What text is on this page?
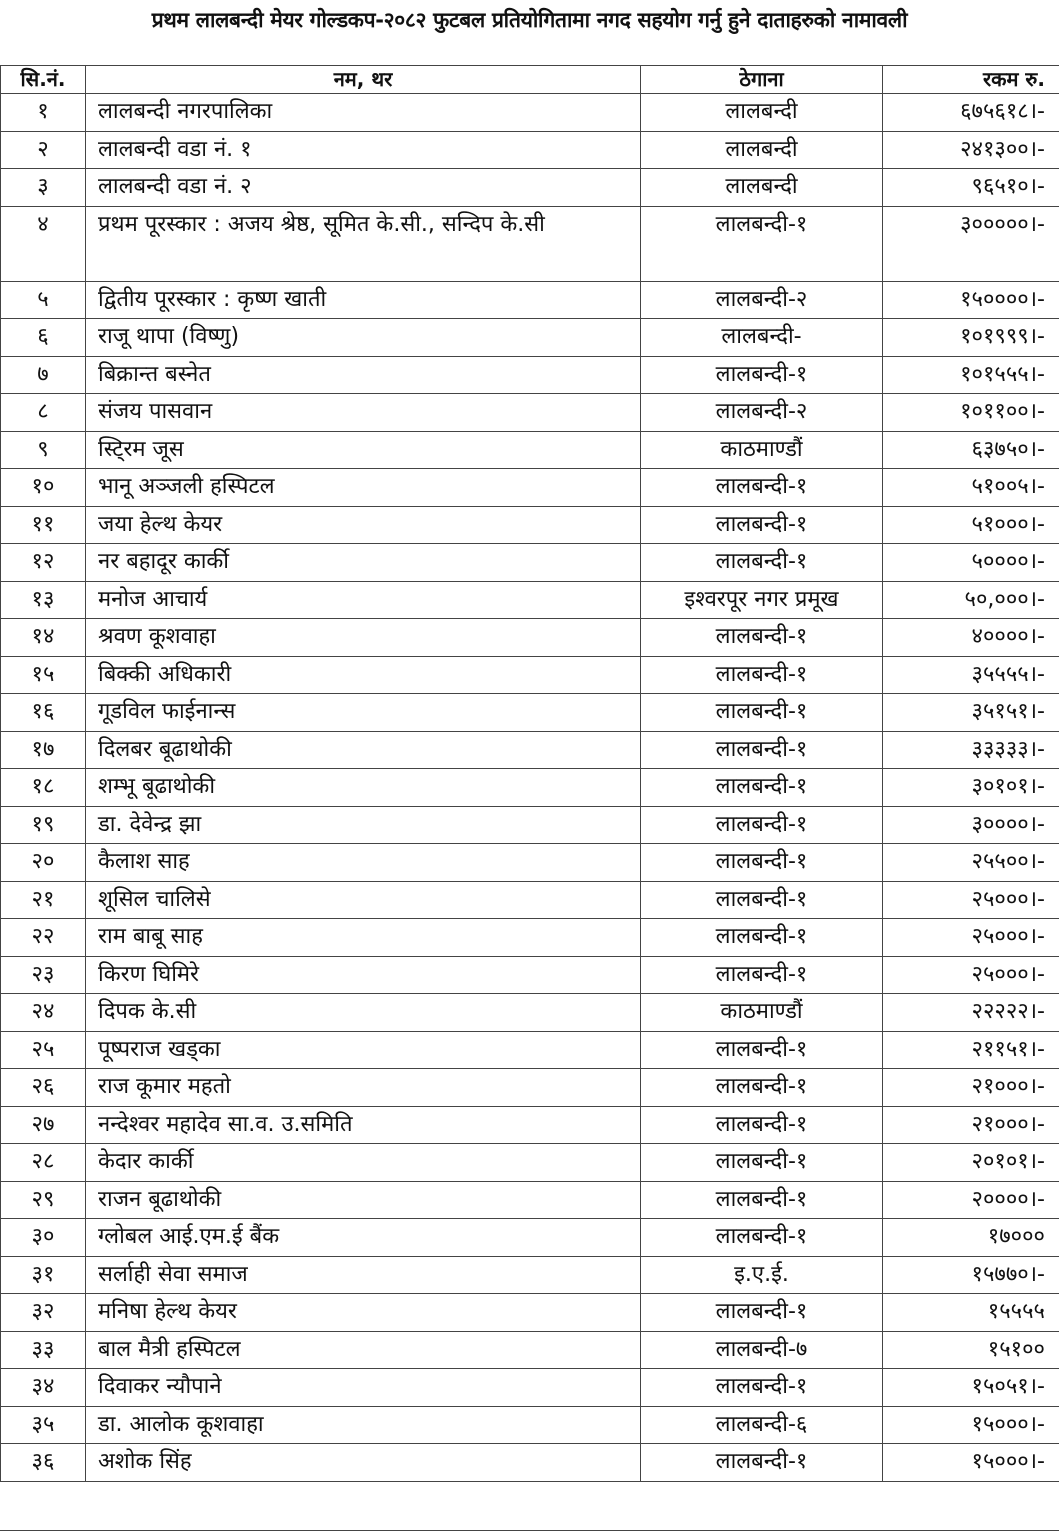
प्रथम लालबन्दी मेयर गोल्डकप-२०८२ फुटबल प्रतियोगितामा नगद सहयोग गर्नु हुने दाताहरुको नामावली
सि.नं.	नम, थर	ठेगाना	रकम रु.
१	लालबन्दी नगरपालिका	लालबन्दी	६७५६१८।-
२	लालबन्दी वडा नं. १	लालबन्दी	२४१३००।-
३	लालबन्दी वडा नं. २	लालबन्दी	९६५१०।-
४	प्रथम पूरस्कार : अजय श्रेष्ठ, सूमित के.सी., सन्दिप के.सी	लालबन्दी-१	३०००००।-
५	द्वितीय पूरस्कार : कृष्ण खाती	लालबन्दी-२	१५००००।-
६	राजू थापा (विष्णु)	लालबन्दी-	१०१९९९।-
७	बिक्रान्त बस्नेत	लालबन्दी-१	१०१५५५।-
८	संजय पासवान	लालबन्दी-२	१०११००।-
९	स्टि्रम जूस	काठमाण्डौं	६३७५०।-
१०	भानू अञ्जली हस्पिटल	लालबन्दी-१	५१००५।-
११	जया हेल्थ केयर	लालबन्दी-१	५१०००।-
१२	नर बहादूर कार्की	लालबन्दी-१	५००००।-
१३	मनोज आचार्य	इश्वरपूर नगर प्रमूख	५०,०००।-
१४	श्रवण कूशवाहा	लालबन्दी-१	४००००।-
१५	बिक्की अधिकारी	लालबन्दी-१	३५५५५।-
१६	गूडविल फाईनान्स	लालबन्दी-१	३५१५१।-
१७	दिलबर बूढाथोकी	लालबन्दी-१	३३३३३।-
१८	शम्भू बूढाथोकी	लालबन्दी-१	३०१०१।-
१९	डा. देवेन्द्र झा	लालबन्दी-१	३००००।-
२०	कैलाश साह	लालबन्दी-१	२५५००।-
२१	शूसिल चालिसे	लालबन्दी-१	२५०००।-
२२	राम बाबू साह	लालबन्दी-१	२५०००।-
२३	किरण घिमिरे	लालबन्दी-१	२५०००।-
२४	दिपक के.सी	काठमाण्डौं	२२२२२।-
२५	पूष्पराज खड्का	लालबन्दी-१	२११५१।-
२६	राज कूमार महतो	लालबन्दी-१	२१०००।-
२७	नन्देश्वर महादेव सा.व. उ.समिति	लालबन्दी-१	२१०००।-
२८	केदार कार्की	लालबन्दी-१	२०१०१।-
२९	राजन बूढाथोकी	लालबन्दी-१	२००००।-
३०	ग्लोबल आई.एम.ई बैंक	लालबन्दी-१	१७०००
३१	सर्लाही सेवा समाज	इ.ए.ई.	१५७७०।-
३२	मनिषा हेल्थ केयर	लालबन्दी-१	१५५५५
३३	बाल मैत्री हस्पिटल	लालबन्दी-७	१५१००
३४	दिवाकर न्यौपाने	लालबन्दी-१	१५०५१।-
३५	डा. आलोक कूशवाहा	लालबन्दी-६	१५०००।-
३६	अशोक सिंह	लालबन्दी-१	१५०००।-
